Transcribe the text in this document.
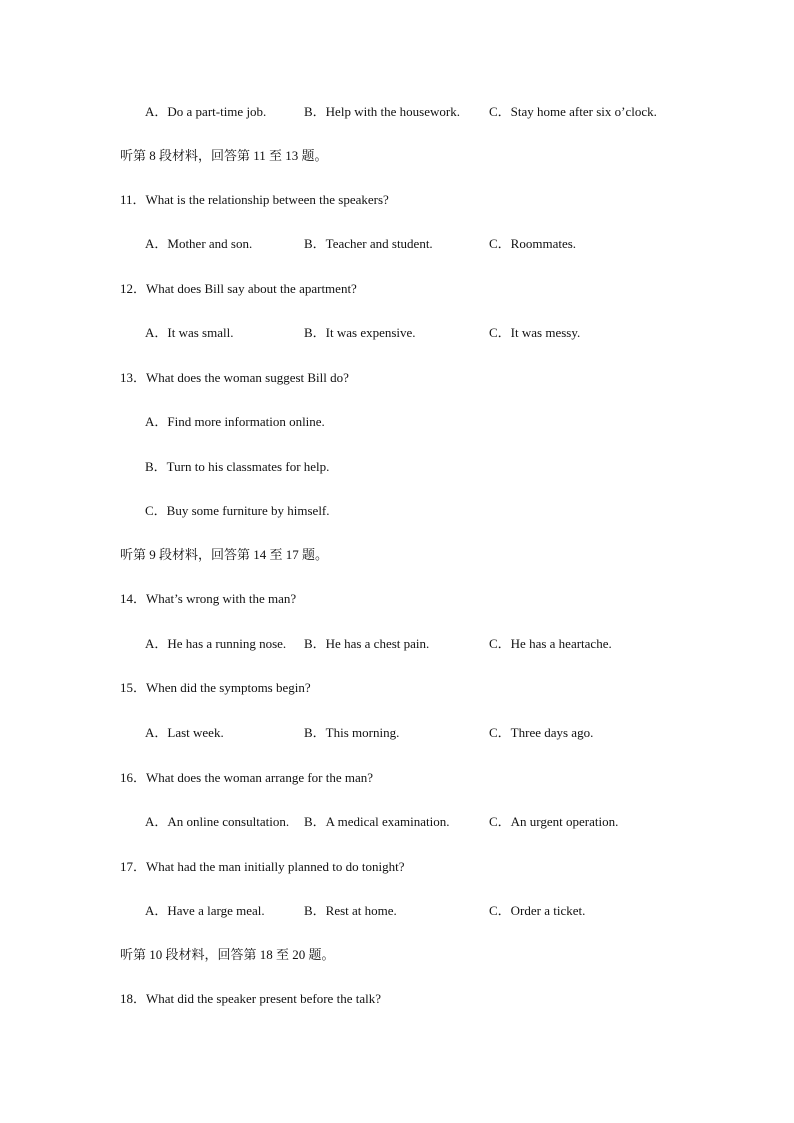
A．Do a part-time job.	B．Help with the housework. C．Stay home after six o’clock.
听第 8 段材料，回答第 11 至 13 题。
11．What is the relationship between the speakers?
A．Mother and son.	B．Teacher and student.	C．Roommates.
12．What does Bill say about the apartment?
A．It was small.	B．It was expensive.	C．It was messy.
13．What does the woman suggest Bill do?
A．Find more information online.
B．Turn to his classmates for help.
C．Buy some furniture by himself.
听第 9 段材料，回答第 14 至 17 题。
14．What’s wrong with the man?
A．He has a running nose. B．He has a chest pain.	C．He has a heartache.
15．When did the symptoms begin?
A．Last week.	B．This morning.	C．Three days ago.
16．What does the woman arrange for the man?
A．An online consultation. B．A medical examination.	C．An urgent operation.
17．What had the man initially planned to do tonight?
A．Have a large meal.	B．Rest at home.	C．Order a ticket.
听第 10 段材料，回答第 18 至 20 题。
18．What did the speaker present before the talk?
